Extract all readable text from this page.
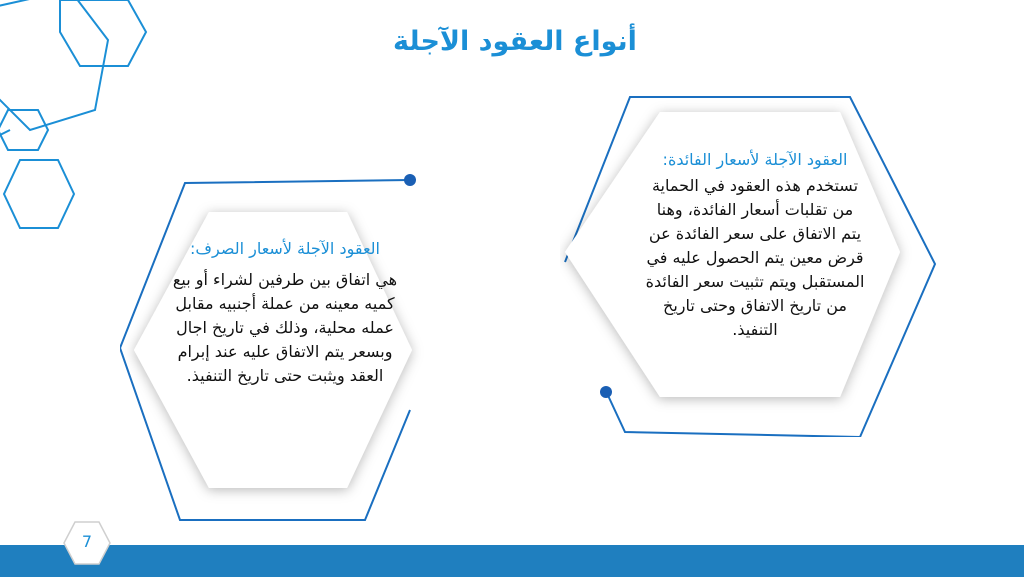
أنواع العقود الآجلة
العقود الآجلة لأسعار الصرف:
هي اتفاق بين طرفين لشراء أو بيع كميه معينه من عملة أجنبيه مقابل عمله محلية، وذلك في تاريخ اجال وبسعر يتم الاتفاق عليه عند إبرام العقد ويثبت حتى تاريخ التنفيذ.
العقود الآجلة لأسعار الفائدة:
تستخدم هذه العقود في الحماية من تقلبات أسعار الفائدة، وهنا يتم الاتفاق على سعر الفائدة عن قرض معين يتم الحصول عليه في المستقبل ويتم تثبيت سعر الفائدة من تاريخ الاتفاق وحتى تاريخ التنفيذ.
7
